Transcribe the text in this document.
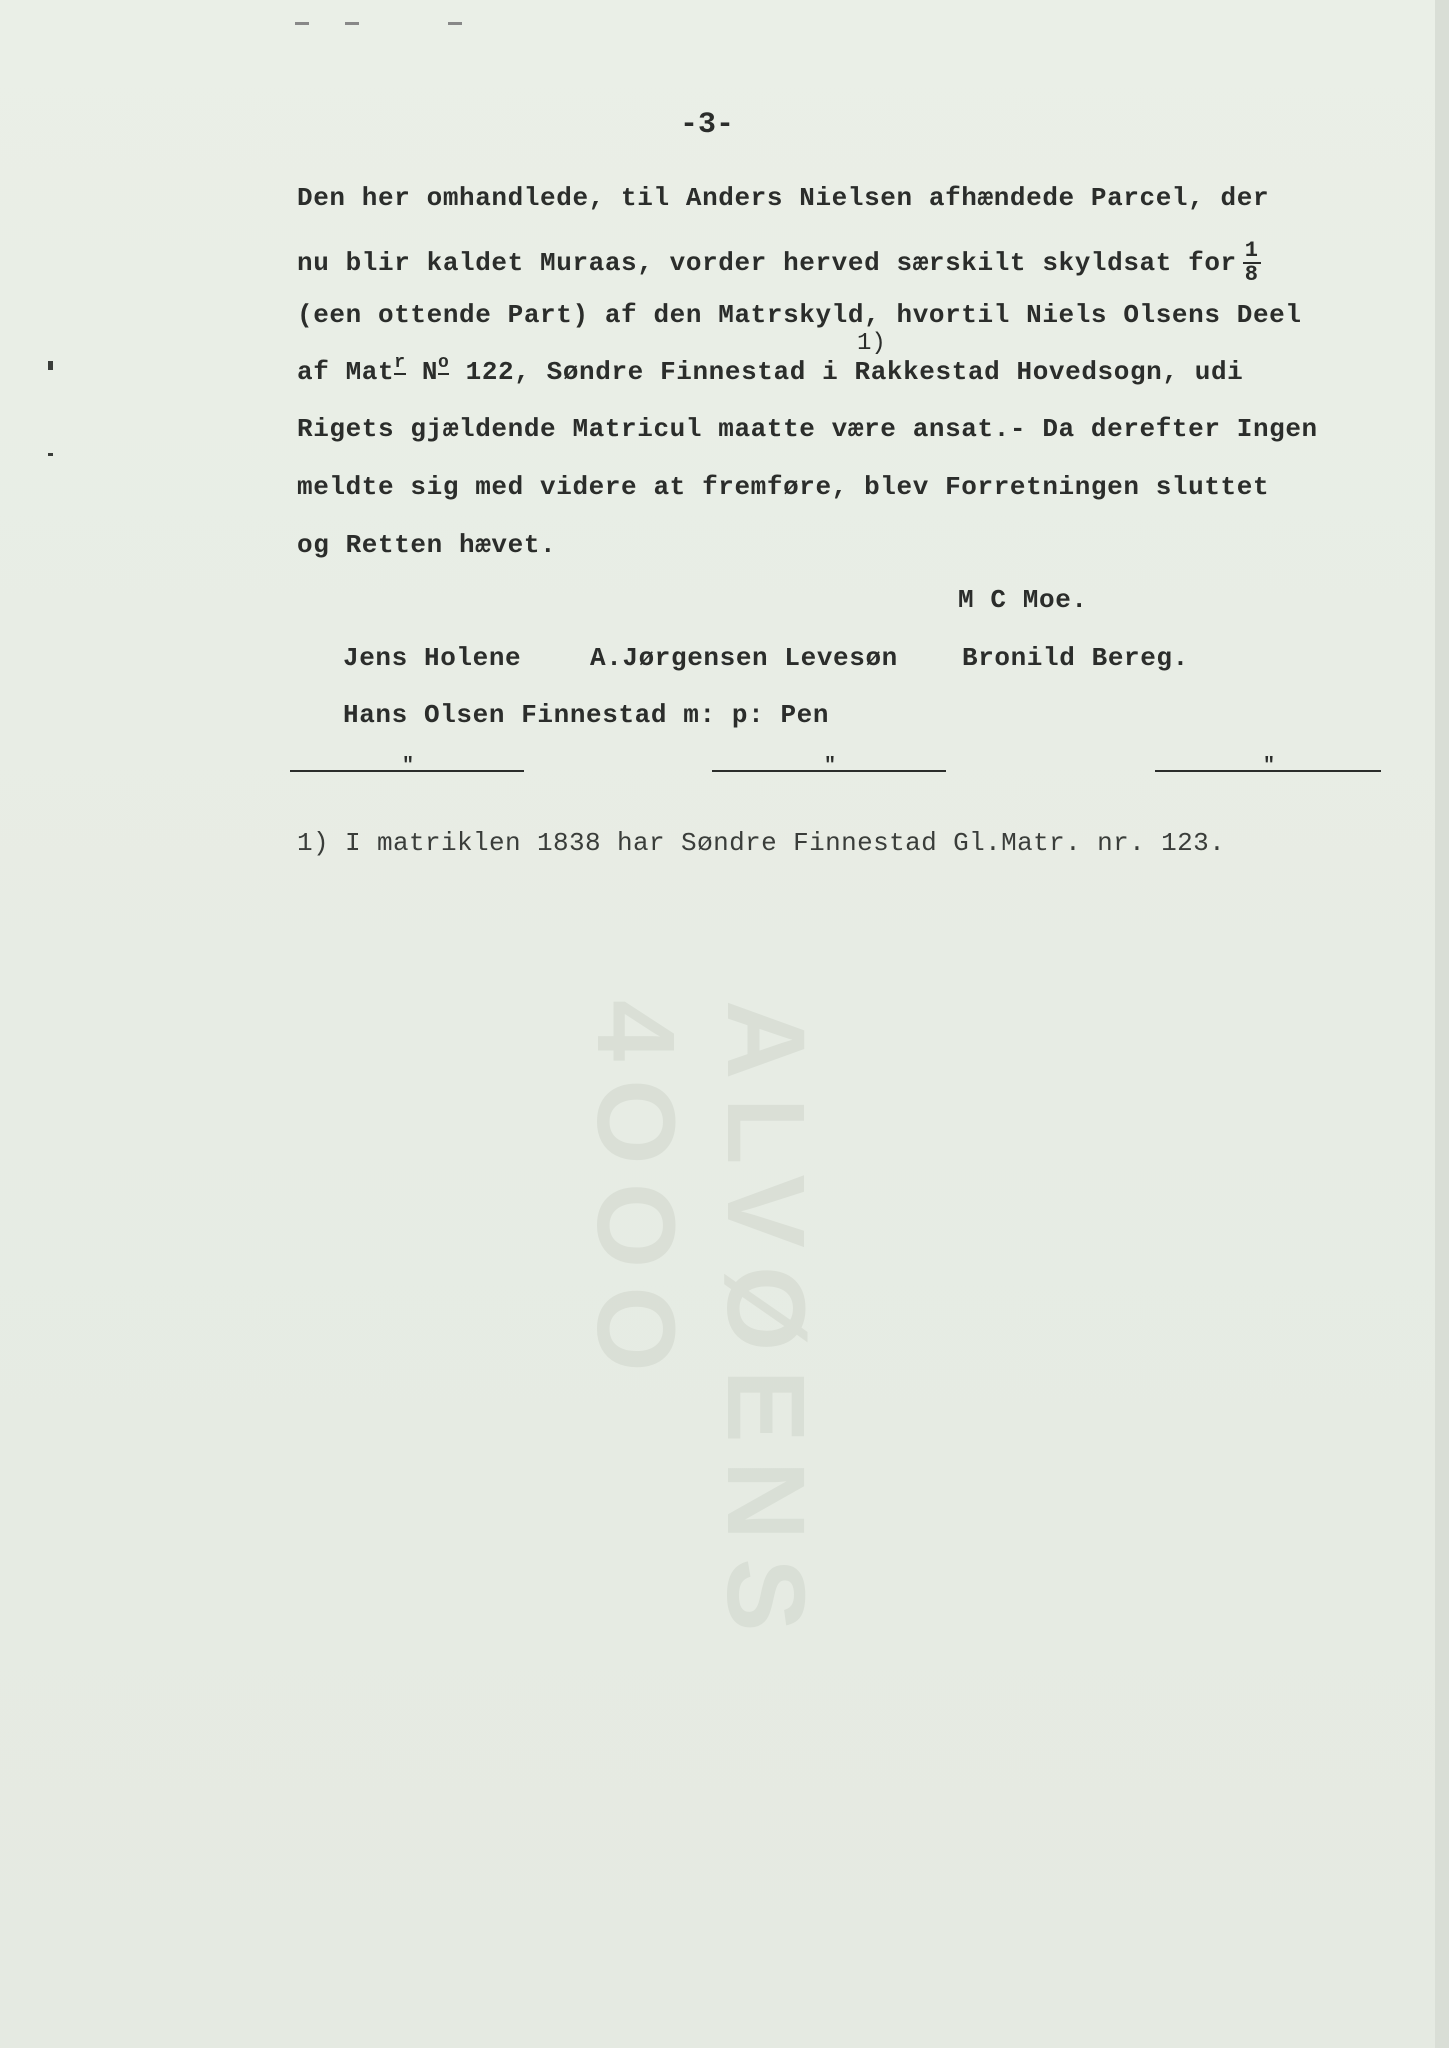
ALVØENS 4OOO
-3-
Den her omhandlede, til Anders Nielsen afhændede Parcel, der
nu blir kaldet Muraas, vorder herved særskilt skyldsat for $\frac{1}{8}$
(een ottende Part) af den Matrskyld, hvortil Niels Olsens Deel
1)
af Mat$^r$ $N^o$ 122, Søndre Finnestad i Rakkestad Hovedsogn, udi
Rigets gjældende Matricul maatte være ansat.- Da derefter Ingen
meldte sig med videre at fremføre, blev Forretningen sluttet
og Retten hævet.
M C Moe.
Jens Holene	A.Jørgensen Levesøn Bronild Bereg.
Hans Olsen Finnestad m: p: Pen
"	"	"
1) I matriklen 1838 har Søndre Finnestad Gl.Matr. nr. 123.
